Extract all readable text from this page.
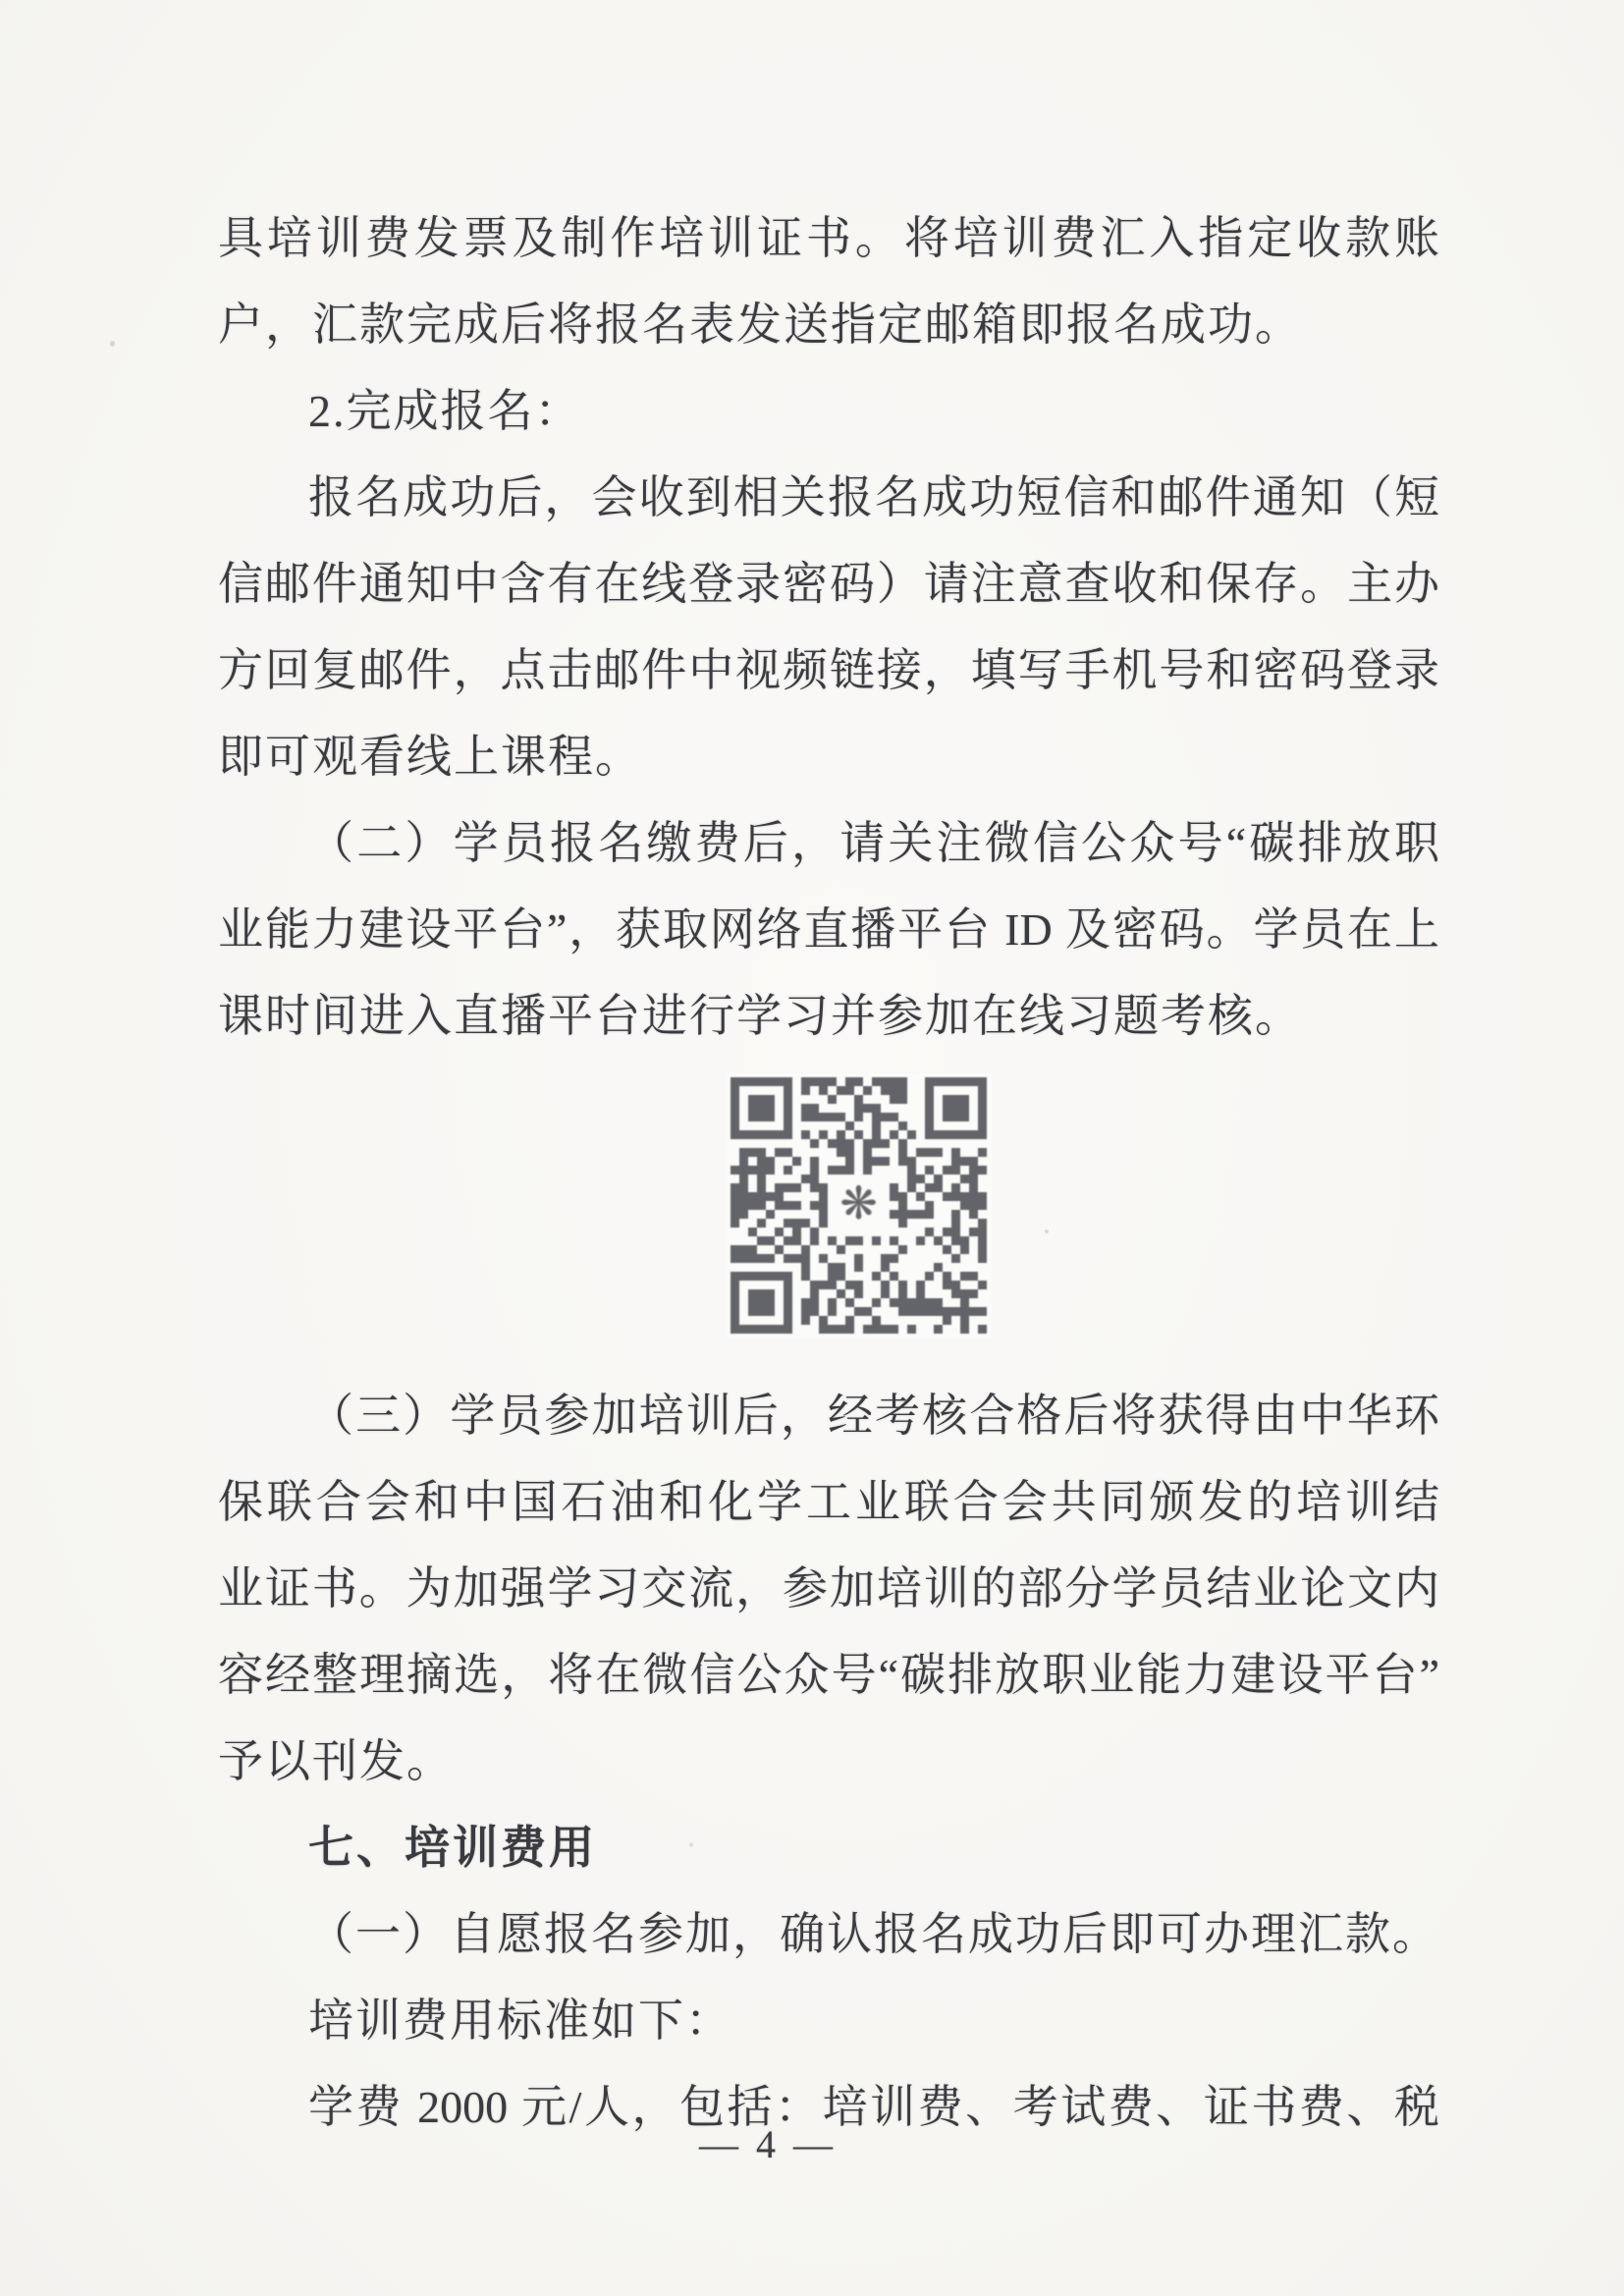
具培训费发票及制作培训证书。将培训费汇入指定收款账
户，汇款完成后将报名表发送指定邮箱即报名成功。
2.完成报名：
报名成功后，会收到相关报名成功短信和邮件通知（短
信邮件通知中含有在线登录密码）请注意查收和保存。主办
方回复邮件，点击邮件中视频链接，填写手机号和密码登录
即可观看线上课程。
（二）学员报名缴费后，请关注微信公众号“碳排放职
业能力建设平台”，获取网络直播平台 ID 及密码。学员在上
课时间进入直播平台进行学习并参加在线习题考核。
（三）学员参加培训后，经考核合格后将获得由中华环
保联合会和中国石油和化学工业联合会共同颁发的培训结
业证书。为加强学习交流，参加培训的部分学员结业论文内
容经整理摘选，将在微信公众号“碳排放职业能力建设平台”
予以刊发。
七、培训费用
（一）自愿报名参加，确认报名成功后即可办理汇款。
培训费用标准如下：
学费 2000 元/人，包括：培训费、考试费、证书费、税
— 4 —
